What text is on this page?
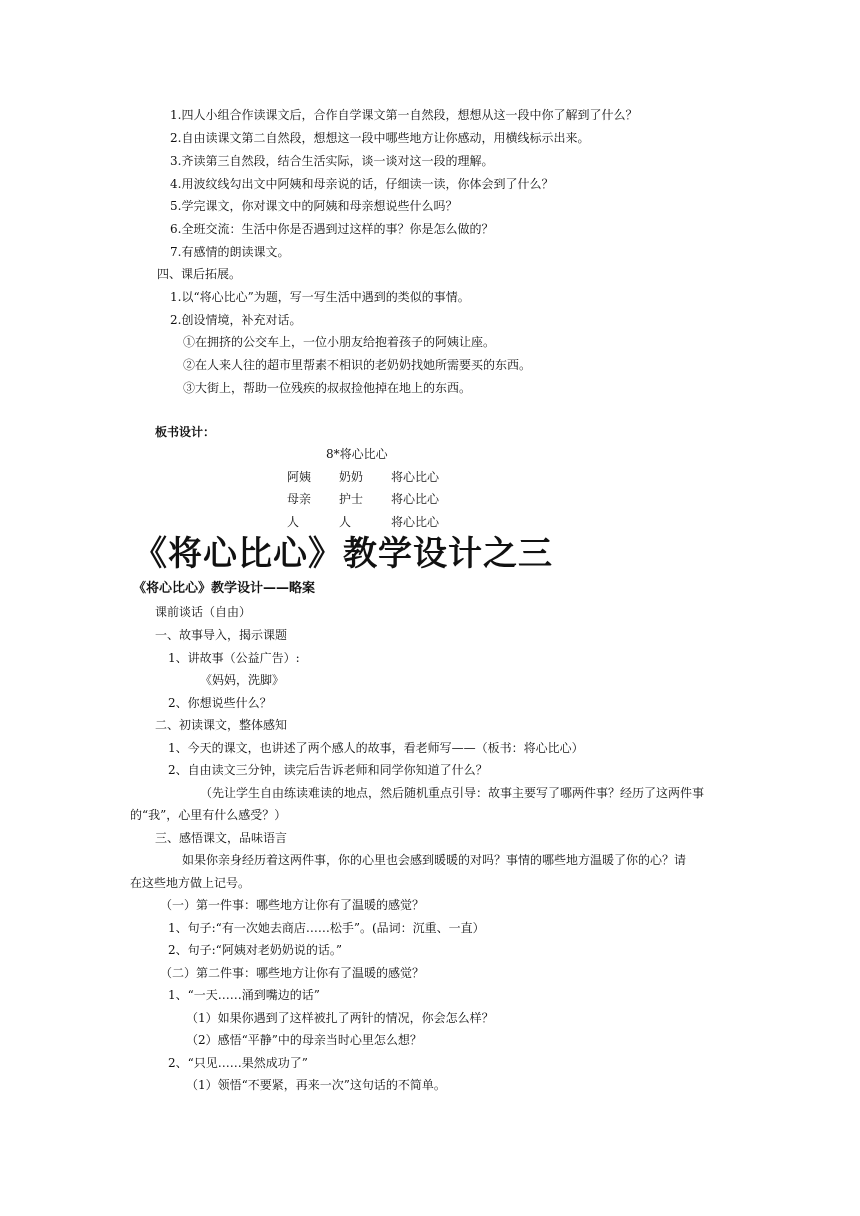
1.四人小组合作读课文后，合作自学课文第一自然段，想想从这一段中你了解到了什么？
2.自由读课文第二自然段，想想这一段中哪些地方让你感动，用横线标示出来。
3.齐读第三自然段，结合生活实际，谈一谈对这一段的理解。
4.用波纹线勾出文中阿姨和母亲说的话，仔细读一读，你体会到了什么？
5.学完课文，你对课文中的阿姨和母亲想说些什么吗？
6.全班交流：生活中你是否遇到过这样的事？你是怎么做的？
7.有感情的朗读课文。
四、课后拓展。
1.以“将心比心”为题，写一写生活中遇到的类似的事情。
2.创设情境，补充对话。
①在拥挤的公交车上，一位小朋友给抱着孩子的阿姨让座。
②在人来人往的超市里帮素不相识的老奶奶找她所需要买的东西。
③大街上，帮助一位残疾的叔叔捡他掉在地上的东西。
板书设计：
8*将心比心
阿姨 奶奶 将心比心
母亲 护士 将心比心
人	人	将心比心
《将心比心》教学设计之三
《将心比心》教学设计——略案
课前谈话（自由）
一、故事导入，揭示课题
1、讲故事（公益广告）:
《妈妈，洗脚》
2、你想说些什么？
二、初读课文，整体感知
1、今天的课文，也讲述了两个感人的故事，看老师写——（板书：将心比心）
2、自由读文三分钟，读完后告诉老师和同学你知道了什么？
（先让学生自由练读难读的地点，然后随机重点引导：故事主要写了哪两件事？经历了这两件事
的“我”，心里有什么感受？）
三、感悟课文，品味语言
如果你亲身经历着这两件事，你的心里也会感到暖暖的对吗？事情的哪些地方温暖了你的心？请
在这些地方做上记号。
（一）第一件事：哪些地方让你有了温暖的感觉？
1、句子:“有一次她去商店……松手”。(品词：沉重、一直）
2、句子:“阿姨对老奶奶说的话。”
（二）第二件事：哪些地方让你有了温暖的感觉？
1、“一天……涌到嘴边的话”
（1）如果你遇到了这样被扎了两针的情况，你会怎么样？
（2）感悟“平静”中的母亲当时心里怎么想？
2、“只见……果然成功了”
（1）领悟“不要紧，再来一次”这句话的不简单。
